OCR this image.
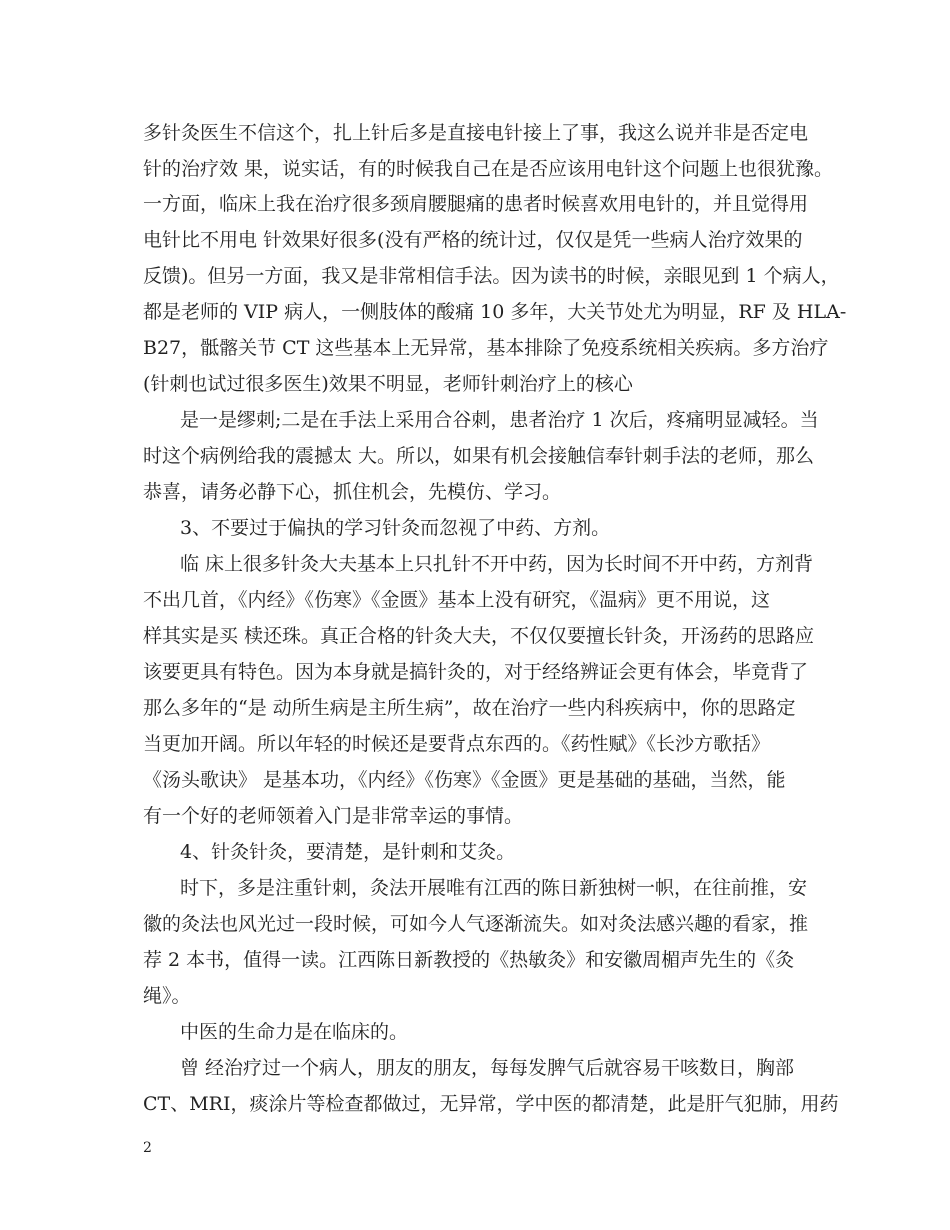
多针灸医生不信这个，扎上针后多是直接电针接上了事，我这么说并非是否定电
针的治疗效 果，说实话，有的时候我自己在是否应该用电针这个问题上也很犹豫。
一方面，临床上我在治疗很多颈肩腰腿痛的患者时候喜欢用电针的，并且觉得用
电针比不用电 针效果好很多(没有严格的统计过，仅仅是凭一些病人治疗效果的
反馈)。但另一方面，我又是非常相信手法。因为读书的时候，亲眼见到 1 个病人，
都是老师的 VIP 病人，一侧肢体的酸痛 10 多年，大关节处尤为明显，RF 及 HLA-
B27，骶髂关节 CT 这些基本上无异常，基本排除了免疫系统相关疾病。多方治疗
(针刺也试过很多医生)效果不明显，老师针刺治疗上的核心
是一是缪刺;二是在手法上采用合谷刺，患者治疗 1 次后，疼痛明显减轻。当
时这个病例给我的震撼太 大。所以，如果有机会接触信奉针刺手法的老师，那么
恭喜，请务必静下心，抓住机会，先模仿、学习。
3、不要过于偏执的学习针灸而忽视了中药、方剂。
临 床上很多针灸大夫基本上只扎针不开中药，因为长时间不开中药，方剂背
不出几首，《内经》《伤寒》《金匮》基本上没有研究，《温病》更不用说，这
样其实是买 椟还珠。真正合格的针灸大夫，不仅仅要擅长针灸，开汤药的思路应
该要更具有特色。因为本身就是搞针灸的，对于经络辨证会更有体会，毕竟背了
那么多年的“是 动所生病是主所生病”，故在治疗一些内科疾病中，你的思路定
当更加开阔。所以年轻的时候还是要背点东西的。《药性赋》《长沙方歌括》
《汤头歌诀》 是基本功，《内经》《伤寒》《金匮》更是基础的基础，当然，能
有一个好的老师领着入门是非常幸运的事情。
4、针灸针灸，要清楚，是针刺和艾灸。
时下，多是注重针刺，灸法开展唯有江西的陈日新独树一帜，在往前推，安
徽的灸法也风光过一段时候，可如今人气逐渐流失。如对灸法感兴趣的看家，推
荐 2 本书，值得一读。江西陈日新教授的《热敏灸》和安徽周楣声先生的《灸
绳》。
中医的生命力是在临床的。
曾 经治疗过一个病人，朋友的朋友，每每发脾气后就容易干咳数日，胸部
CT、MRI，痰涂片等检查都做过，无异常，学中医的都清楚，此是肝气犯肺，用药
2
